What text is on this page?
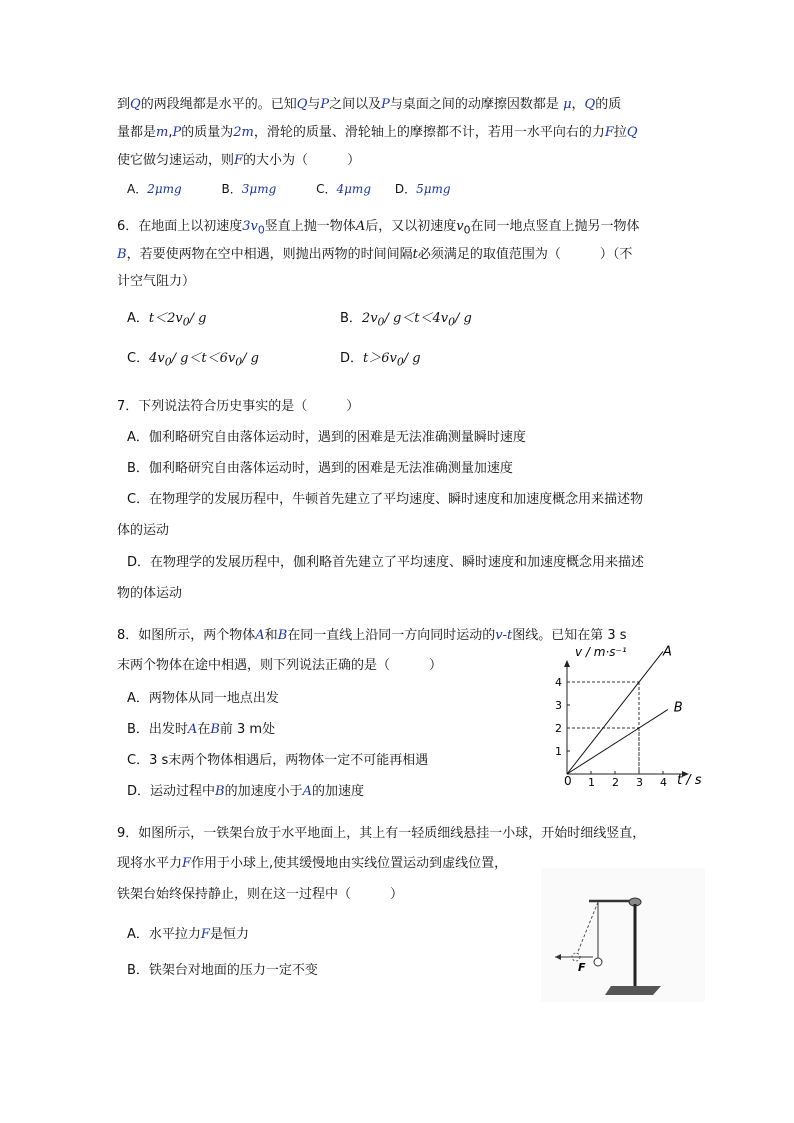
到Q的两段绳都是水平的。已知Q与P之间以及P与桌面之间的动摩擦因数都是 μ，Q的质
量都是m,P的质量为2m，滑轮的质量、滑轮轴上的摩擦都不计，若用一水平向右的力F拉Q
使它做匀速运动，则F的大小为（　　　	）
A．2μmg	B．3μmg	C．4μmg D．5μmg
6．在地面上以初速度$3v_0$竖直上抛一物体A后，又以初速度$v_0$在同一地点竖直上抛另一物体
B，若要使两物在空中相遇，则抛出两物的时间间隔t必须满足的取值范围为（　　　	）（不
计空气阻力）
A．$t<2v_0/$ g	B．$2v_0/$ $g<t<4v_0/$ g
C．$4v_0/$ $g<t<6v_0/$ g	D．$t>6v_0/$ g
7．下列说法符合历史事实的是（　　　）
A．伽利略研究自由落体运动时，遇到的困难是无法准确测量瞬时速度
B．伽利略研究自由落体运动时，遇到的困难是无法准确测量加速度
C．在物理学的发展历程中，牛顿首先建立了平均速度、瞬时速度和加速度概念用来描述物
体的运动
D．在物理学的发展历程中，伽利略首先建立了平均速度、瞬时速度和加速度概念用来描述
物的体运动
8．如图所示，两个物体A和B在同一直线上沿同一方向同时运动的v-t图线。已知在第 3 s
末两个物体在途中相遇，则下列说法正确的是（　　　）
A．两物体从同一地点出发
B．出发时A在B前 3 m处
C．3 s末两个物体相遇后，两物体一定不可能再相遇
D．运动过程中B的加速度小于A的加速度
1 2 3 4
1
2
3
4
A
B
v / m·s⁻¹
t / s
0
9．如图所示，一铁架台放于水平地面上，其上有一轻质细线悬挂一小球，开始时细线竖直，
现将水平力F作用于小球上,使其缓慢地由实线位置运动到虚线位置，
铁架台始终保持静止，则在这一过程中（　　　）
A．水平拉力F是恒力
B．铁架台对地面的压力一定不变	F
